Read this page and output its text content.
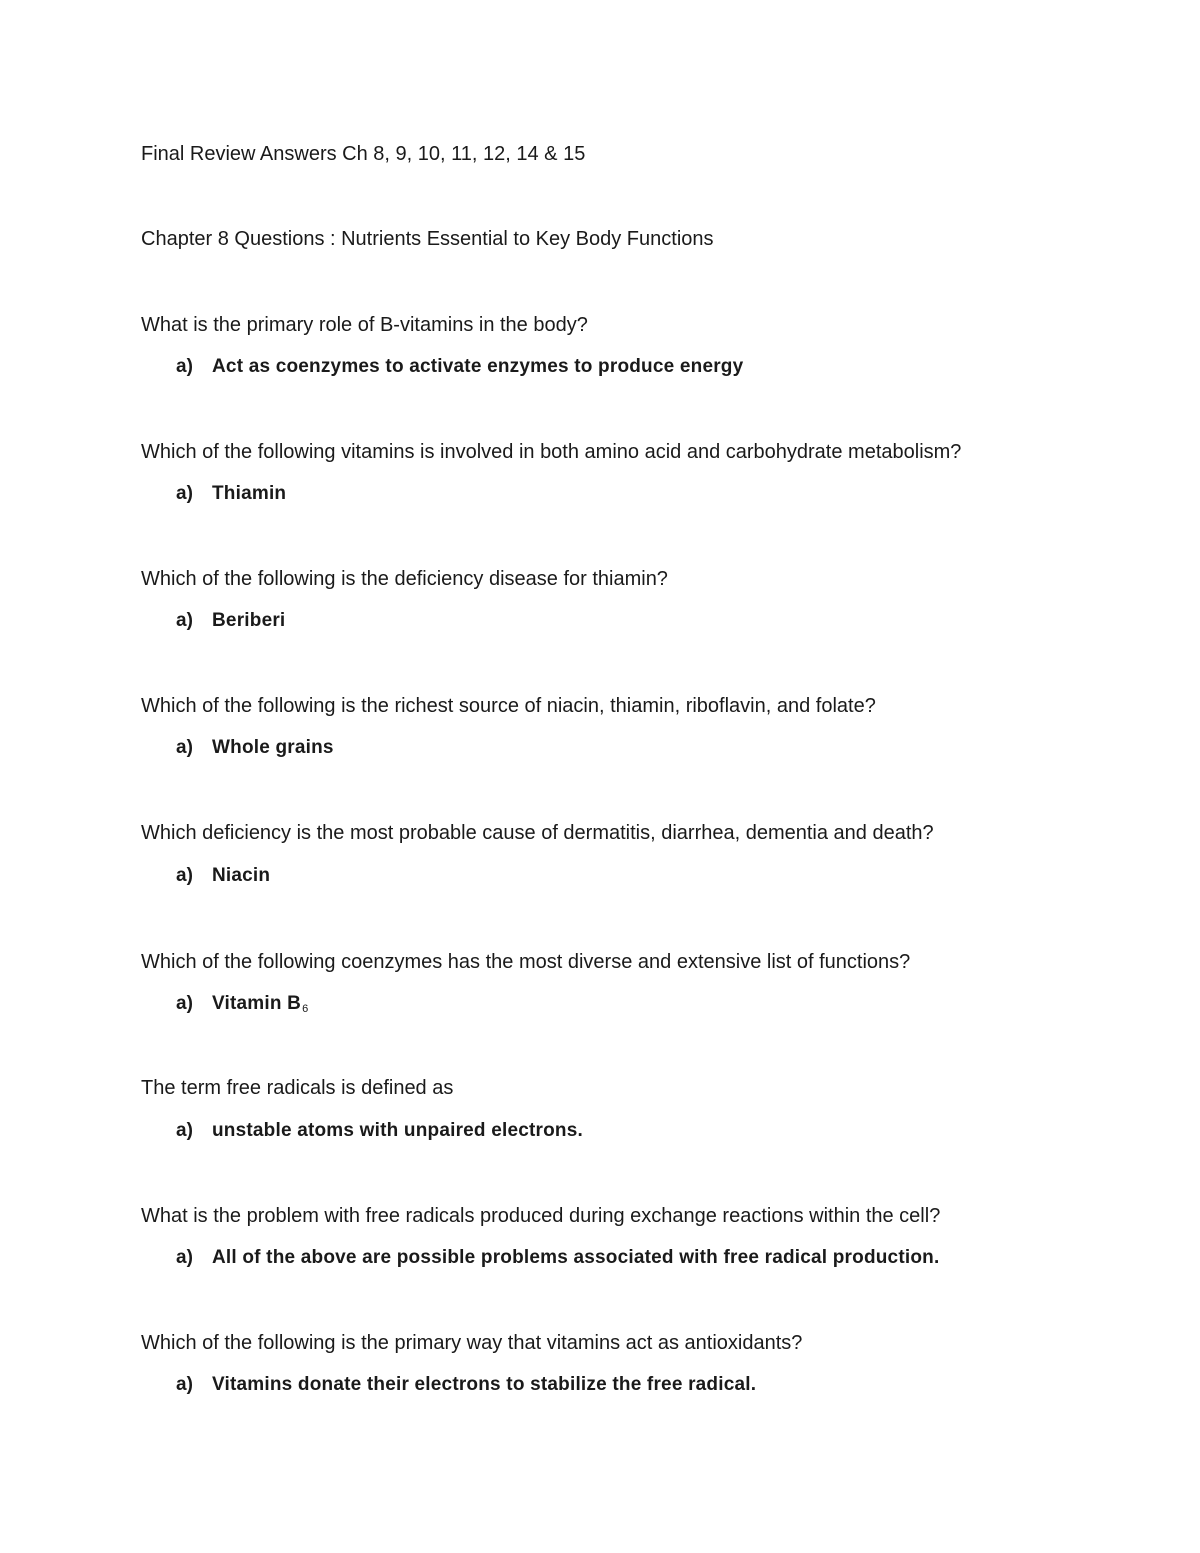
Final Review Answers Ch 8, 9, 10, 11, 12, 14 & 15
Chapter 8 Questions : Nutrients Essential to Key Body Functions

What is the primary role of B-vitamins in the body?

a)	Act as coenzymes to activate enzymes to produce energy

Which of the following vitamins is involved in both amino acid and carbohydrate metabolism?

a)	Thiamin

Which of the following is the deficiency disease for thiamin?

a)	Beriberi

Which of the following is the richest source of niacin, thiamin, riboflavin, and folate?

a)	Whole grains

Which deficiency is the most probable cause of dermatitis, diarrhea, dementia and death?

a)	Niacin

Which of the following coenzymes has the most diverse and extensive list of functions?

a)	Vitamin $B_6$

The term free radicals is defined as

a)	unstable atoms with unpaired electrons.

What is the problem with free radicals produced during exchange reactions within the cell?

a)	All of the above are possible problems associated with free radical production.

Which of the following is the primary way that vitamins act as antioxidants?

a)	Vitamins donate their electrons to stabilize the free radical.
